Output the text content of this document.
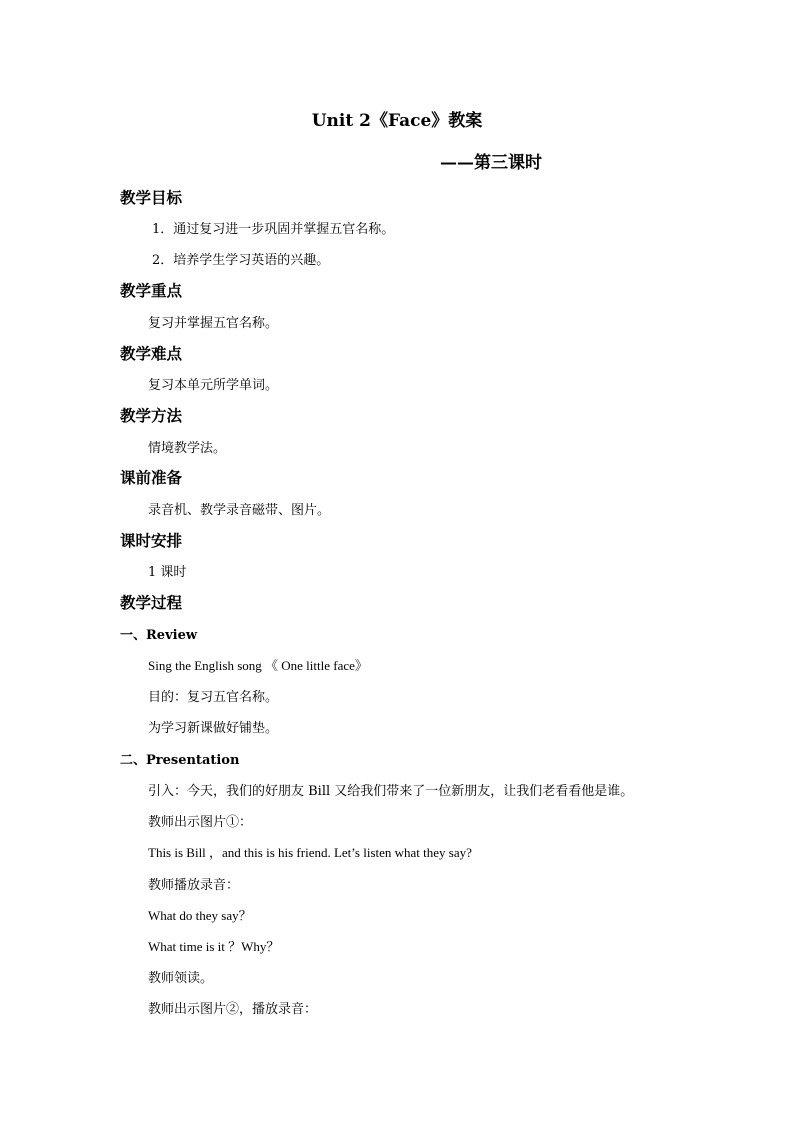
Unit 2《Face》教案
——第三课时
教学目标
1．通过复习进一步巩固并掌握五官名称。
2．培养学生学习英语的兴趣。
教学重点
复习并掌握五官名称。
教学难点
复习本单元所学单词。
教学方法
情境教学法。
课前准备
录音机、教学录音磁带、图片。
课时安排
1 课时
教学过程
一、Review
Sing the English song 《 One little face》
目的：复习五官名称。
为学习新课做好铺垫。
二、Presentation
引入：今天，我们的好朋友 Bill 又给我们带来了一位新朋友，让我们老看看他是谁。
教师出示图片①：
This is Bill ，and this is his friend. Let’s listen what they say?
教师播放录音：
What do they say？
What time is it ？Why？
教师领读。
教师出示图片②，播放录音：
